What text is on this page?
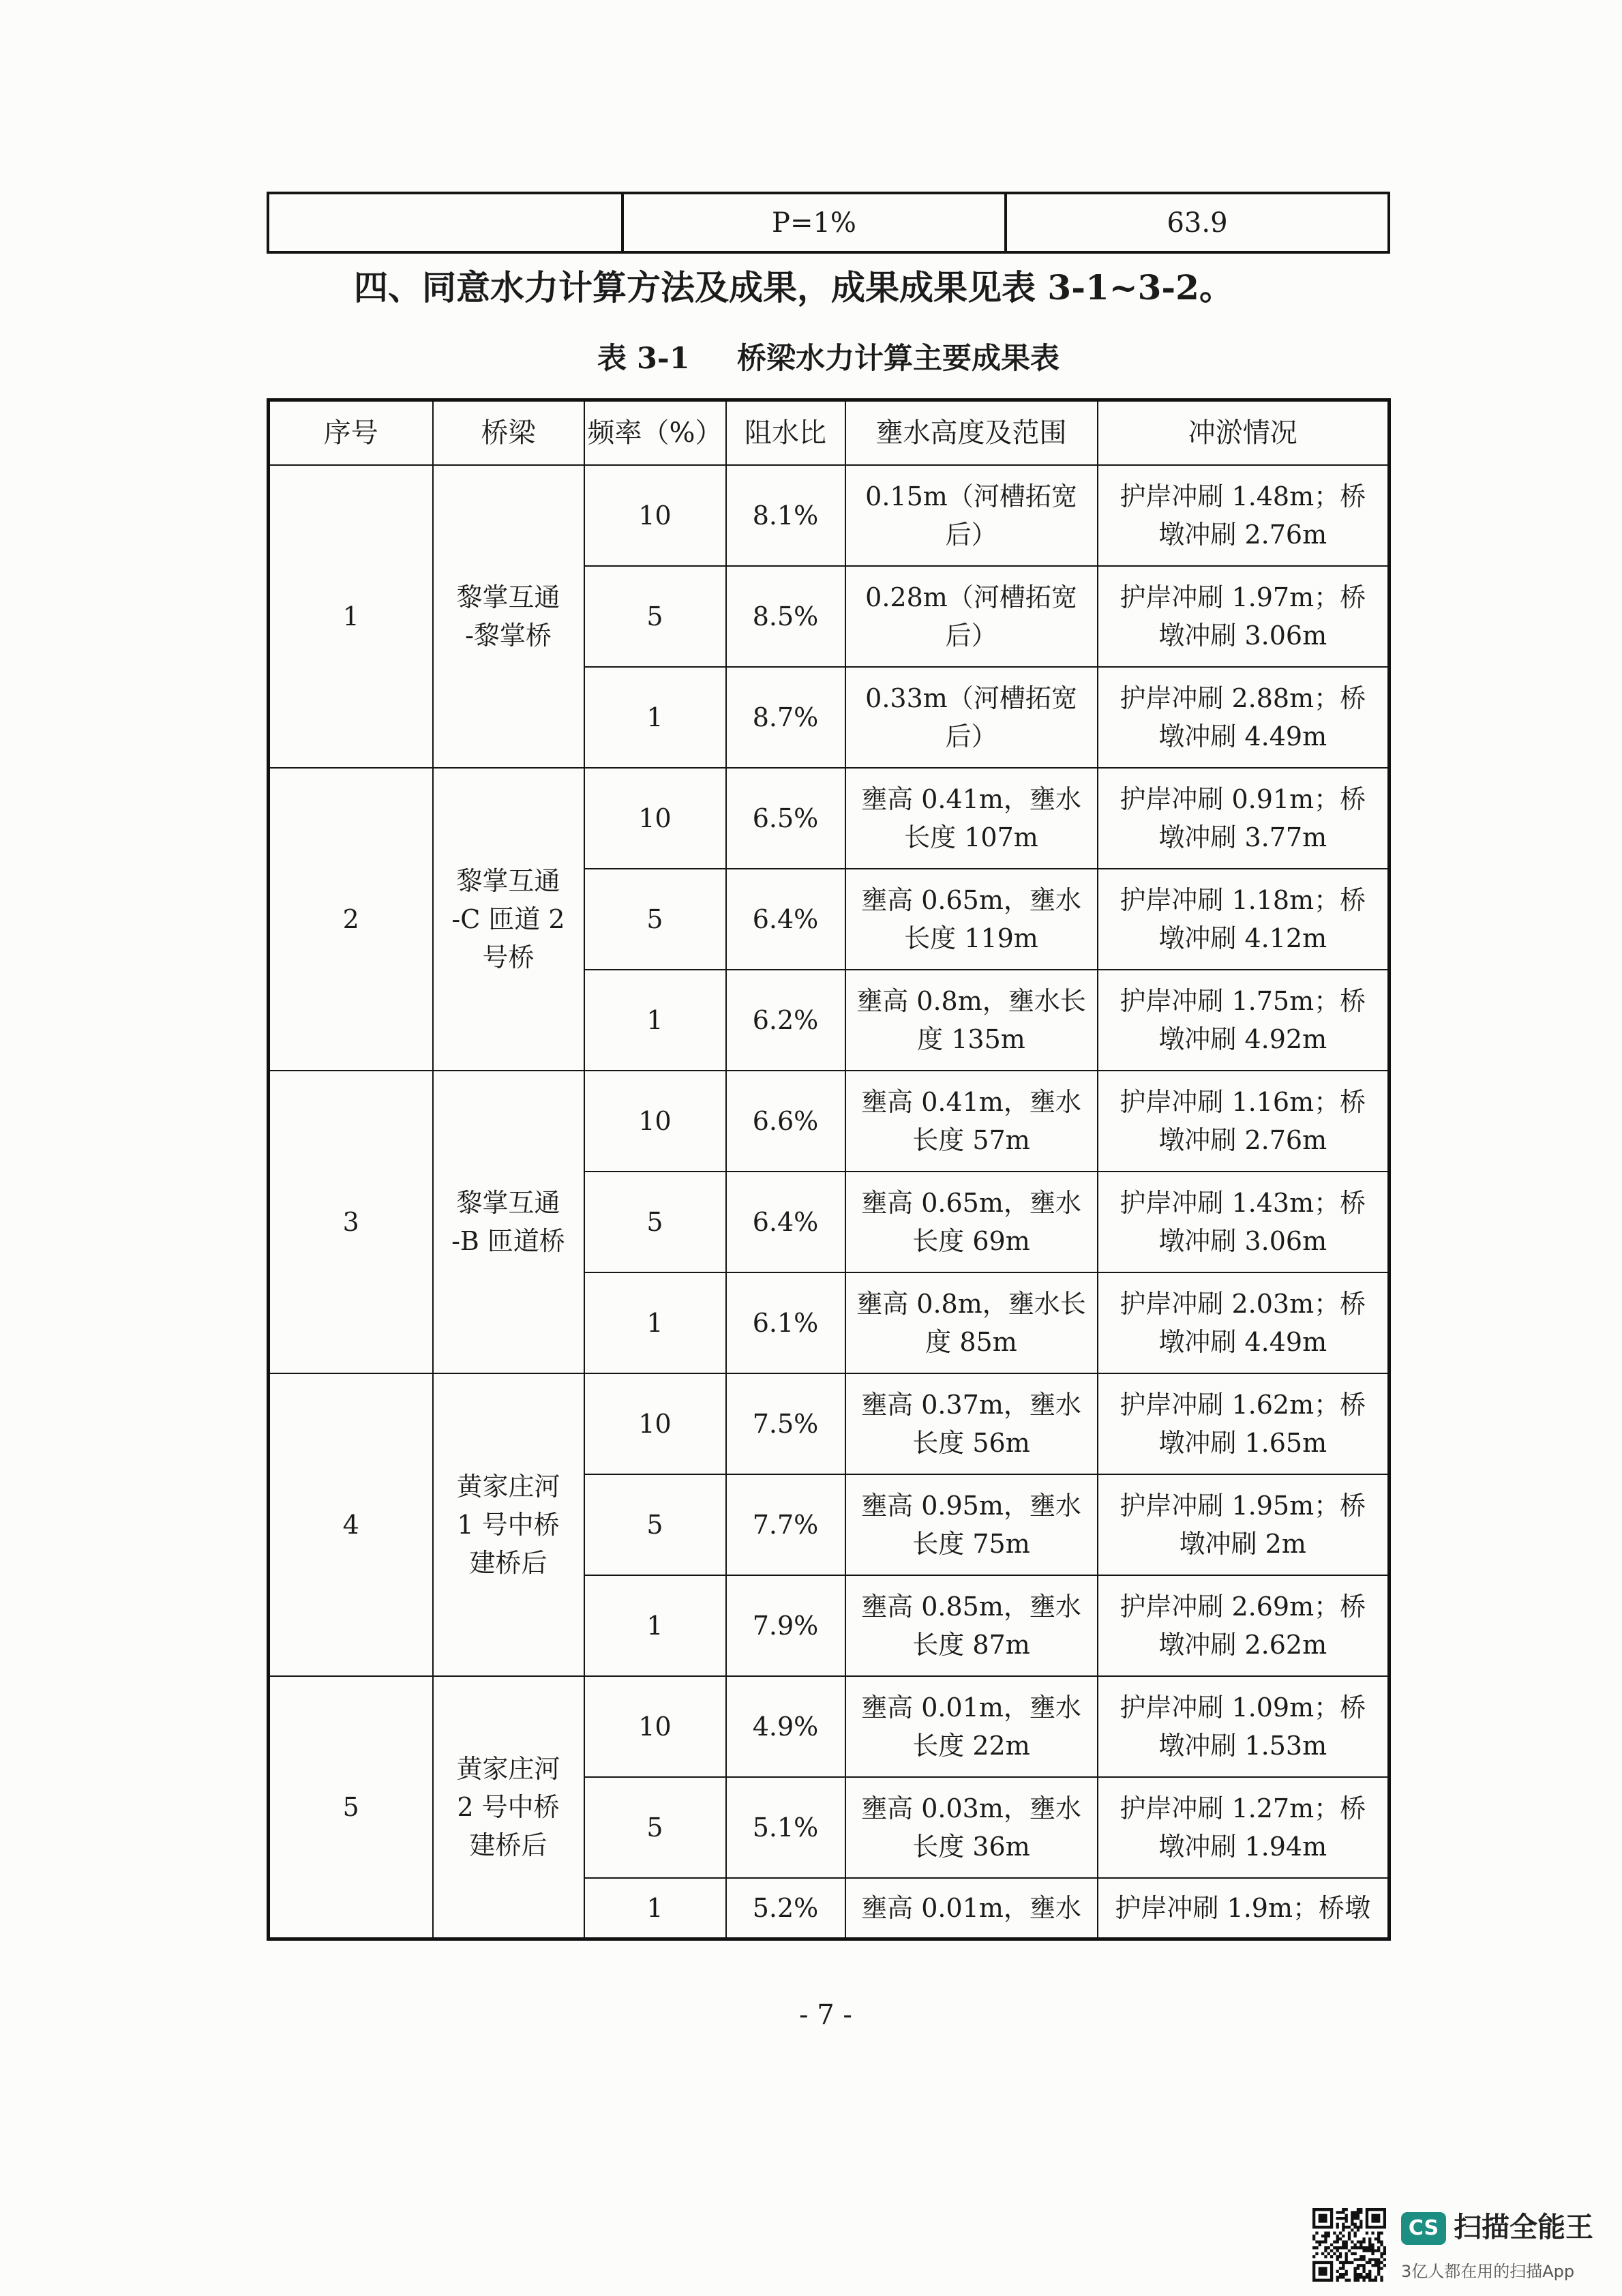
	P=1%	63.9
四、同意水力计算方法及成果，成果成果见表 3-1~3-2。
表 3-1 桥梁水力计算主要成果表
序号	桥梁	频率（%）	阻水比	壅水高度及范围	冲淤情况
1	黎掌互通
-黎掌桥	10	8.1%	0.15m（河槽拓宽
后）	护岸冲刷 1.48m；桥
墩冲刷 2.76m

		5	8.5%	0.28m（河槽拓宽
后）	护岸冲刷 1.97m；桥
墩冲刷 3.06m

		1	8.7%	0.33m（河槽拓宽
后）	护岸冲刷 2.88m；桥
墩冲刷 4.49m

2	黎掌互通
-C 匝道 2
号桥	10	6.5%	壅高 0.41m，壅水
长度 107m	护岸冲刷 0.91m；桥
墩冲刷 3.77m

		5	6.4%	壅高 0.65m，壅水
长度 119m	护岸冲刷 1.18m；桥
墩冲刷 4.12m

		1	6.2%	壅高 0.8m，壅水长
度 135m	护岸冲刷 1.75m；桥
墩冲刷 4.92m

3	黎掌互通
-B 匝道桥	10	6.6%	壅高 0.41m，壅水
长度 57m	护岸冲刷 1.16m；桥
墩冲刷 2.76m

		5	6.4%	壅高 0.65m，壅水
长度 69m	护岸冲刷 1.43m；桥
墩冲刷 3.06m

		1	6.1%	壅高 0.8m，壅水长
度 85m	护岸冲刷 2.03m；桥
墩冲刷 4.49m

4	黄家庄河
1 号中桥
建桥后	10	7.5%	壅高 0.37m，壅水
长度 56m	护岸冲刷 1.62m；桥
墩冲刷 1.65m

		5	7.7%	壅高 0.95m，壅水
长度 75m	护岸冲刷 1.95m；桥
墩冲刷 2m

		1	7.9%	壅高 0.85m，壅水
长度 87m	护岸冲刷 2.69m；桥
墩冲刷 2.62m

5	黄家庄河
2 号中桥
建桥后	10	4.9%	壅高 0.01m，壅水
长度 22m	护岸冲刷 1.09m；桥
墩冲刷 1.53m

		5	5.1%	壅高 0.03m，壅水
长度 36m	护岸冲刷 1.27m；桥
墩冲刷 1.94m

		1	5.2%	壅高 0.01m，壅水	护岸冲刷 1.9m；桥墩
- 7 -
CS 扫描全能王
3亿人都在用的扫描App
